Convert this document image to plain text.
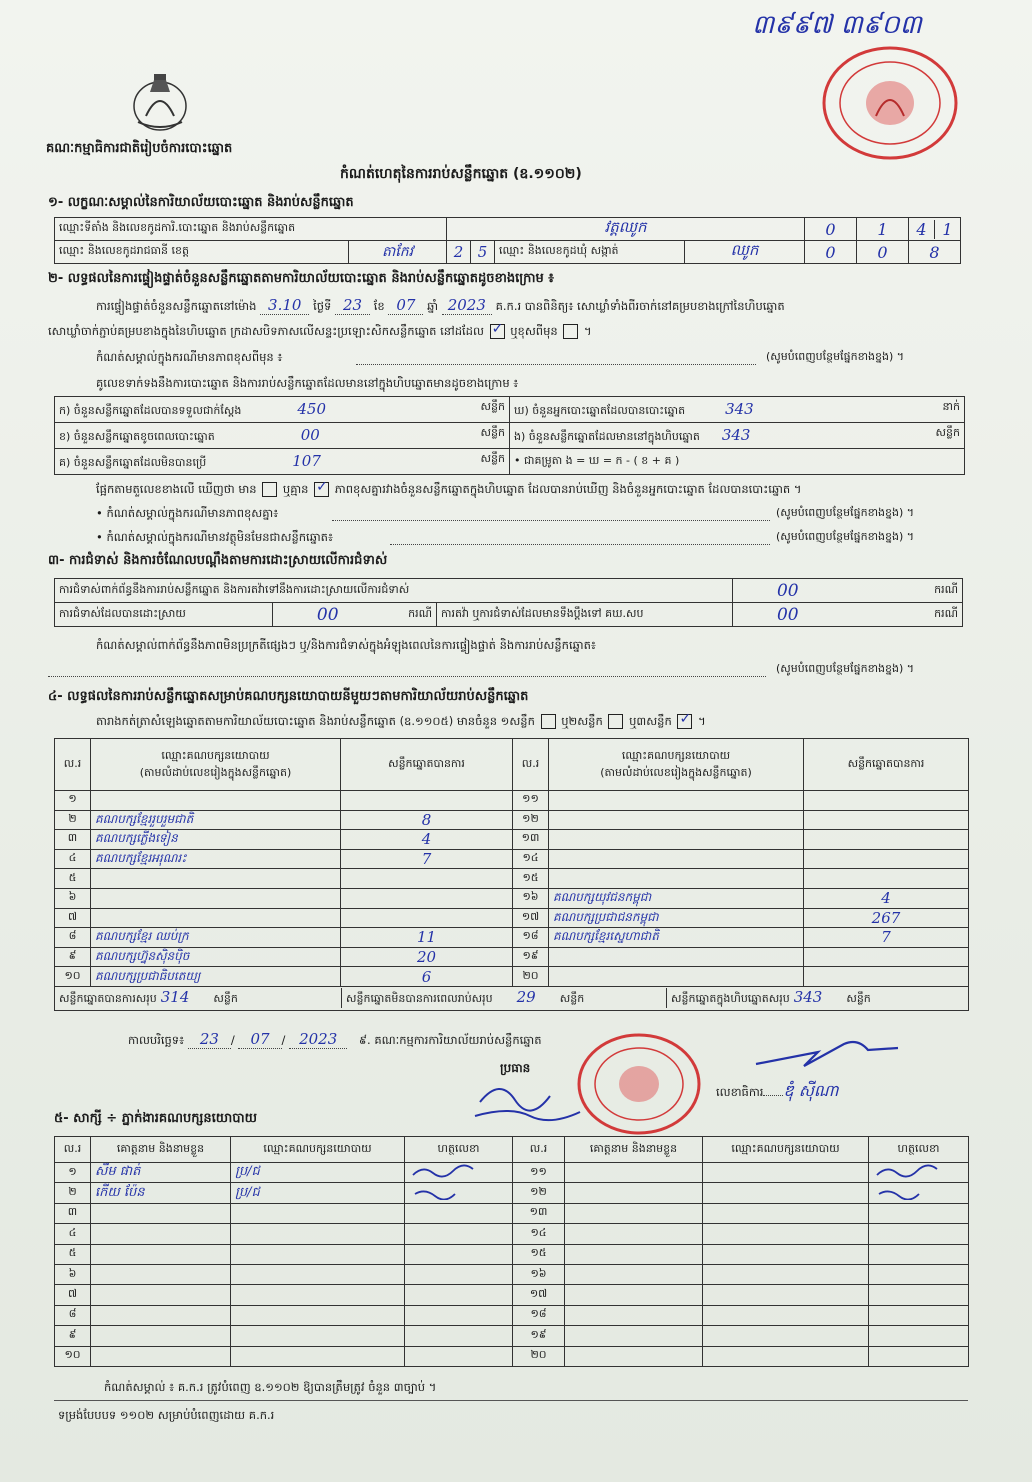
៣៩៩៧ ៣៩០៣
គណៈកម្មាធិការជាតិរៀបចំការបោះឆ្នោត
កំណត់ហេតុនៃការរាប់សន្លឹកឆ្នោត (ឧ.១១០២)
១- លក្ខណៈសម្គាល់នៃការិយាល័យបោះឆ្នោត និងរាប់សន្លឹកឆ្នោត
ឈ្មោះទីតាំង និងលេខកូដការិ.បោះឆ្នោត និងរាប់សន្លឹកឆ្នោត		វត្តឈូក				0	1	4 1
ឈ្មោះ និងលេខកូដរាជធានី ខេត្ត	តាកែវ	2	5	ឈ្មោះ និងលេខកូដឃុំ សង្កាត់	ឈូក	0	0	8
២- លទ្ធផលនៃការផ្ទៀងផ្ទាត់ចំនួនសន្លឹកឆ្នោតតាមការិយាល័យបោះឆ្នោត និងរាប់សន្លឹកឆ្នោតដូចខាងក្រោម ៖
ការផ្ទៀងផ្ទាត់ចំនួនសន្លឹកឆ្នោតនៅម៉ោង 3.10 ថ្ងៃទី 23 ខែ 07 ឆ្នាំ 2023 គ.ក.រ បានពិនិត្យ៖ សោឃ្លាំទាំងពីរចាក់នៅគម្របខាងក្រៅនៃហិបឆ្នោត
សោឃ្លាំចាក់ភ្ជាប់គម្របខាងក្នុងនៃហិបឆ្នោត ក្រដាសបិទភាសលើសន្ទះប្រឡោះសិកសន្លឹកឆ្នោត នៅដដែល ✓ ឬខុសពីមុន  ។
កំណត់សម្គាល់ក្នុងករណីមានភាពខុសពីមុន ៖	(សូមបំពេញបន្ថែមផ្នែកខាងខ្នង) ។
គូលេខទាក់ទងនឹងការបោះឆ្នោត និងការរាប់សន្លឹកឆ្នោតដែលមាននៅក្នុងហិបឆ្នោតមានដូចខាងក្រោម ៖
ក) ចំនួនសន្លឹកឆ្នោតដែលបានទទួលជាក់ស្តែង 450 សន្លឹក	ឃ) ចំនួនអ្នកបោះឆ្នោតដែលបានបោះឆ្នោត 343 នាក់

ខ) ចំនួនសន្លឹកឆ្នោតខូចពេលបោះឆ្នោត 00 សន្លឹក	ង) ចំនួនសន្លឹកឆ្នោតដែលមាននៅក្នុងហិបឆ្នោត 343 សន្លឹក

គ) ចំនួនសន្លឹកឆ្នោតដែលមិនបានប្រើ 107 សន្លឹក	• ជាគម្រូតា ង = ឃ = ក - ( ខ + គ )
ផ្អែកតាមតួលេខខាងលើ ឃើញថា មាន ឬគ្មាន ✓ ភាពខុសគ្នារវាងចំនួនសន្លឹកឆ្នោតក្នុងហិបឆ្នោត ដែលបានរាប់ឃើញ និងចំនួនអ្នកបោះឆ្នោត ដែលបានបោះឆ្នោត ។
• កំណត់សម្គាល់ក្នុងករណីមានភាពខុសគ្នា៖	(សូមបំពេញបន្ថែមផ្នែកខាងខ្នង) ។
• កំណត់សម្គាល់ក្នុងករណីមានវត្ថុមិនមែនជាសន្លឹកឆ្នោត៖	(សូមបំពេញបន្ថែមផ្នែកខាងខ្នង) ។
៣- ការជំទាស់ និងការចំណែលបណ្តឹងតាមការដោះស្រាយលើការជំទាស់
ការជំទាស់ពាក់ព័ន្ធនឹងការរាប់សន្លឹកឆ្នោត និងការតវ៉ាទៅនឹងការដោះស្រាយលើការជំទាស់				00	ករណី
ការជំទាស់ដែលបានដោះស្រាយ	00	ករណី	ការតវ៉ា ឬការជំទាស់ដែលមានទឹងប្តឹងទៅ គឃ.សប	00	ករណី
កំណត់សម្គាល់ពាក់ព័ន្ធនឹងភាពមិនប្រក្រតីផ្សេងៗ ឬ/និងការជំទាស់ក្នុងអំឡុងពេលនៃការផ្ទៀងផ្ទាត់ និងការរាប់សន្លឹកឆ្នោត៖
(សូមបំពេញបន្ថែមផ្នែកខាងខ្នង) ។
៤- លទ្ធផលនៃការរាប់សន្លឹកឆ្នោតសម្រាប់គណបក្សនយោបាយនីមួយៗតាមការិយាល័យរាប់សន្លឹកឆ្នោត
តារាងកត់ត្រាសំឡេងឆ្នោតតាមការិយាល័យបោះឆ្នោត និងរាប់សន្លឹកឆ្នោត (ឧ.១១០៥) មានចំនួន ១សន្លឹក ឬ២សន្លឹក ឬ៣សន្លឹក ✓ ។
ល.រ	ឈ្មោះគណបក្សនយោបាយ
(តាមលំដាប់លេខរៀងក្នុងសន្លឹកឆ្នោត)	សន្លឹកឆ្នោតបានការ	ល.រ	ឈ្មោះគណបក្សនយោបាយ
(តាមលំដាប់លេខរៀងក្នុងសន្លឹកឆ្នោត)	សន្លឹកឆ្នោតបានការ
១			១១		
២	គណបក្សខ្មែររួបរួមជាតិ	8	១២		
៣	គណបក្សភ្លើងទៀន	4	១៣		
៤	គណបក្សខ្មែរអរុណរះ	7	១៤		
៥			១៥		
៦			១៦	គណបក្សយុវជនកម្ពុជា	4
៧			១៧	គណបក្សប្រជាជនកម្ពុជា	267
៨	គណបក្សខ្មែរ ឈប់ក្រ	11	១៨	គណបក្សខ្មែរស្នេហាជាតិ	7
៩	គណបក្សហ្វ៊ុនស៊ិនប៉ិច	20	១៩		
១០	គណបក្សប្រជាធិបតេយ្យ	6	២០		
សន្លឹកឆ្នោតបានការសរុប 314 សន្លឹក សន្លឹកឆ្នោតមិនបានការពេលរាប់សរុប 29 សន្លឹក សន្លឹកឆ្នោតក្នុងហិបឆ្នោតសរុប 343 សន្លឹក					
កាលបរិច្ឆេទ៖ 23 / 07 / 2023 ៩. គណៈកម្មការការិយាល័យរាប់សន្លឹកឆ្នោត
ប្រធាន
លេខាធិការ ឌុំ ស៊ីណា
៥- សាក្សី ÷ ភ្នាក់ងារគណបក្សនយោបាយ
ល.រ	គោត្តនាម និងនាមខ្លួន	ឈ្មោះគណបក្សនយោបាយ	ហត្ថលេខា	ល.រ	គោត្តនាម និងនាមខ្លួន	ឈ្មោះគណបក្សនយោបាយ	ហត្ថលេខា
១	សឺម ផាត់	ប្រ/ជ		១១			
២	កើយ ប៉ែន	ប្រ/ជ		១២			
៣				១៣			
៤				១៤			
៥				១៥			
៦				១៦			
៧				១៧			
៨				១៨			
៩				១៩			
១០				២០			
កំណត់សម្គាល់ ៖ គ.ក.រ ត្រូវបំពេញ ឧ.១១០២ ឱ្យបានត្រឹមត្រូវ ចំនួន ៣ច្បាប់ ។
ទម្រង់បែបបទ ១១០២ សម្រាប់បំពេញដោយ គ.ក.រ
